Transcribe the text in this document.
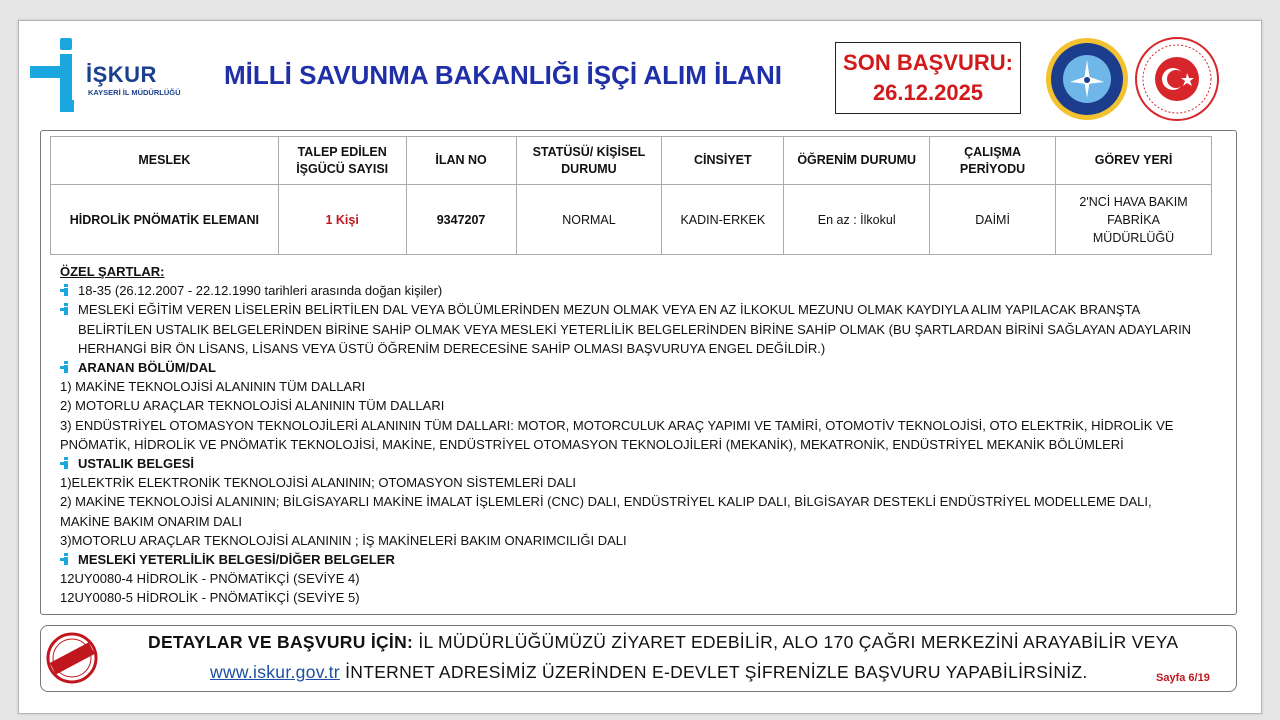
İŞKUR
KAYSERİ İL MÜDÜRLÜĞÜ
MİLLİ SAVUNMA BAKANLIĞI İŞÇİ ALIM İLANI	SON BAŞVURU:
26.12.2025
MESLEK	TALEP EDİLEN İŞGÜCÜ SAYISI	İLAN NO	STATÜSÜ/ KİŞİSEL DURUMU	CİNSİYET	ÖĞRENİM DURUMU	ÇALIŞMA PERİYODU	GÖREV YERİ
HİDROLİK PNÖMATİK ELEMANI	1 Kişi	9347207	NORMAL	KADIN-ERKEK	En az : İlkokul	DAİMİ	2'NCİ HAVA BAKIM FABRİKA MÜDÜRLÜĞÜ
ÖZEL ŞARTLAR:
18-35 (26.12.2007 - 22.12.1990 tarihleri arasında doğan kişiler)
MESLEKİ EĞİTİM VEREN LİSELERİN BELİRTİLEN DAL VEYA BÖLÜMLERİNDEN MEZUN OLMAK VEYA EN AZ İLKOKUL MEZUNU OLMAK KAYDIYLA ALIM YAPILACAK BRANŞTA
BELİRTİLEN USTALIK BELGELERİNDEN BİRİNE SAHİP OLMAK VEYA MESLEKİ YETERLİLİK BELGELERİNDEN BİRİNE SAHİP OLMAK (BU ŞARTLARDAN BİRİNİ SAĞLAYAN ADAYLARIN
HERHANGİ BİR ÖN LİSANS, LİSANS VEYA ÜSTÜ ÖĞRENİM DERECESİNE SAHİP OLMASI BAŞVURUYA ENGEL DEĞİLDİR.)
ARANAN BÖLÜM/DAL
1) MAKİNE TEKNOLOJİSİ ALANININ TÜM DALLARI
2) MOTORLU ARAÇLAR TEKNOLOJİSİ ALANININ TÜM DALLARI
3) ENDÜSTRİYEL OTOMASYON TEKNOLOJİLERİ ALANININ TÜM DALLARI: MOTOR, MOTORCULUK ARAÇ YAPIMI VE TAMİRİ, OTOMOTİV TEKNOLOJİSİ, OTO ELEKTRİK, HİDROLİK VE
PNÖMATİK, HİDROLİK VE PNÖMATİK TEKNOLOJİSİ, MAKİNE, ENDÜSTRİYEL OTOMASYON TEKNOLOJİLERİ (MEKANİK), MEKATRONİK, ENDÜSTRİYEL MEKANİK BÖLÜMLERİ
USTALIK BELGESİ
1)ELEKTRİK ELEKTRONİK TEKNOLOJİSİ ALANININ; OTOMASYON SİSTEMLERİ DALI
2) MAKİNE TEKNOLOJİSİ ALANININ; BİLGİSAYARLI MAKİNE İMALAT İŞLEMLERİ (CNC) DALI, ENDÜSTRİYEL KALIP DALI, BİLGİSAYAR DESTEKLİ ENDÜSTRİYEL MODELLEME DALI,
MAKİNE BAKIM ONARIM DALI
3)MOTORLU ARAÇLAR TEKNOLOJİSİ ALANININ ; İŞ MAKİNELERİ BAKIM ONARIMCILIĞI DALI
MESLEKİ YETERLİLİK BELGESİ/DİĞER BELGELER
12UY0080-4 HİDROLİK - PNÖMATİKÇİ (SEVİYE 4)
12UY0080-5 HİDROLİK - PNÖMATİKÇİ (SEVİYE 5)
DETAYLAR VE BAŞVURU İÇİN: İL MÜDÜRLÜĞÜMÜZÜ ZİYARET EDEBİLİR, ALO 170 ÇAĞRI MERKEZİNİ ARAYABİLİR VEYA
www.iskur.gov.tr İNTERNET ADRESİMİZ ÜZERİNDEN E-DEVLET ŞİFRENİZLE BAŞVURU YAPABİLİRSİNİZ.	Sayfa 6/19
